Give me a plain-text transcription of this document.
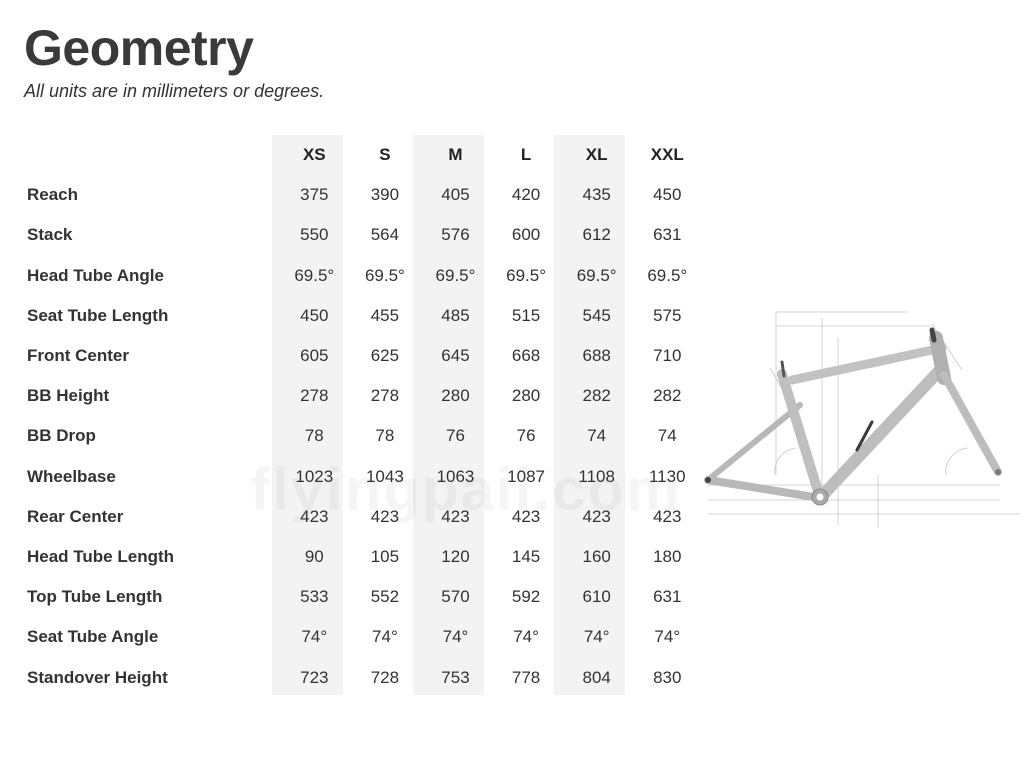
Geometry

All units are in millimeters or degrees.

	XS	S	M	L	XL	XXL
Reach	375	390	405	420	435	450
Stack	550	564	576	600	612	631
Head Tube Angle	69.5°	69.5°	69.5°	69.5°	69.5°	69.5°
Seat Tube Length	450	455	485	515	545	575
Front Center	605	625	645	668	688	710
BB Height	278	278	280	280	282	282
BB Drop	78	78	76	76	74	74
Wheelbase	1023	1043	1063	1087	1108	1130
Rear Center	423	423	423	423	423	423
Head Tube Length	90	105	120	145	160	180
Top Tube Length	533	552	570	592	610	631
Seat Tube Angle	74°	74°	74°	74°	74°	74°
Standover Height	723	728	753	778	804	830
